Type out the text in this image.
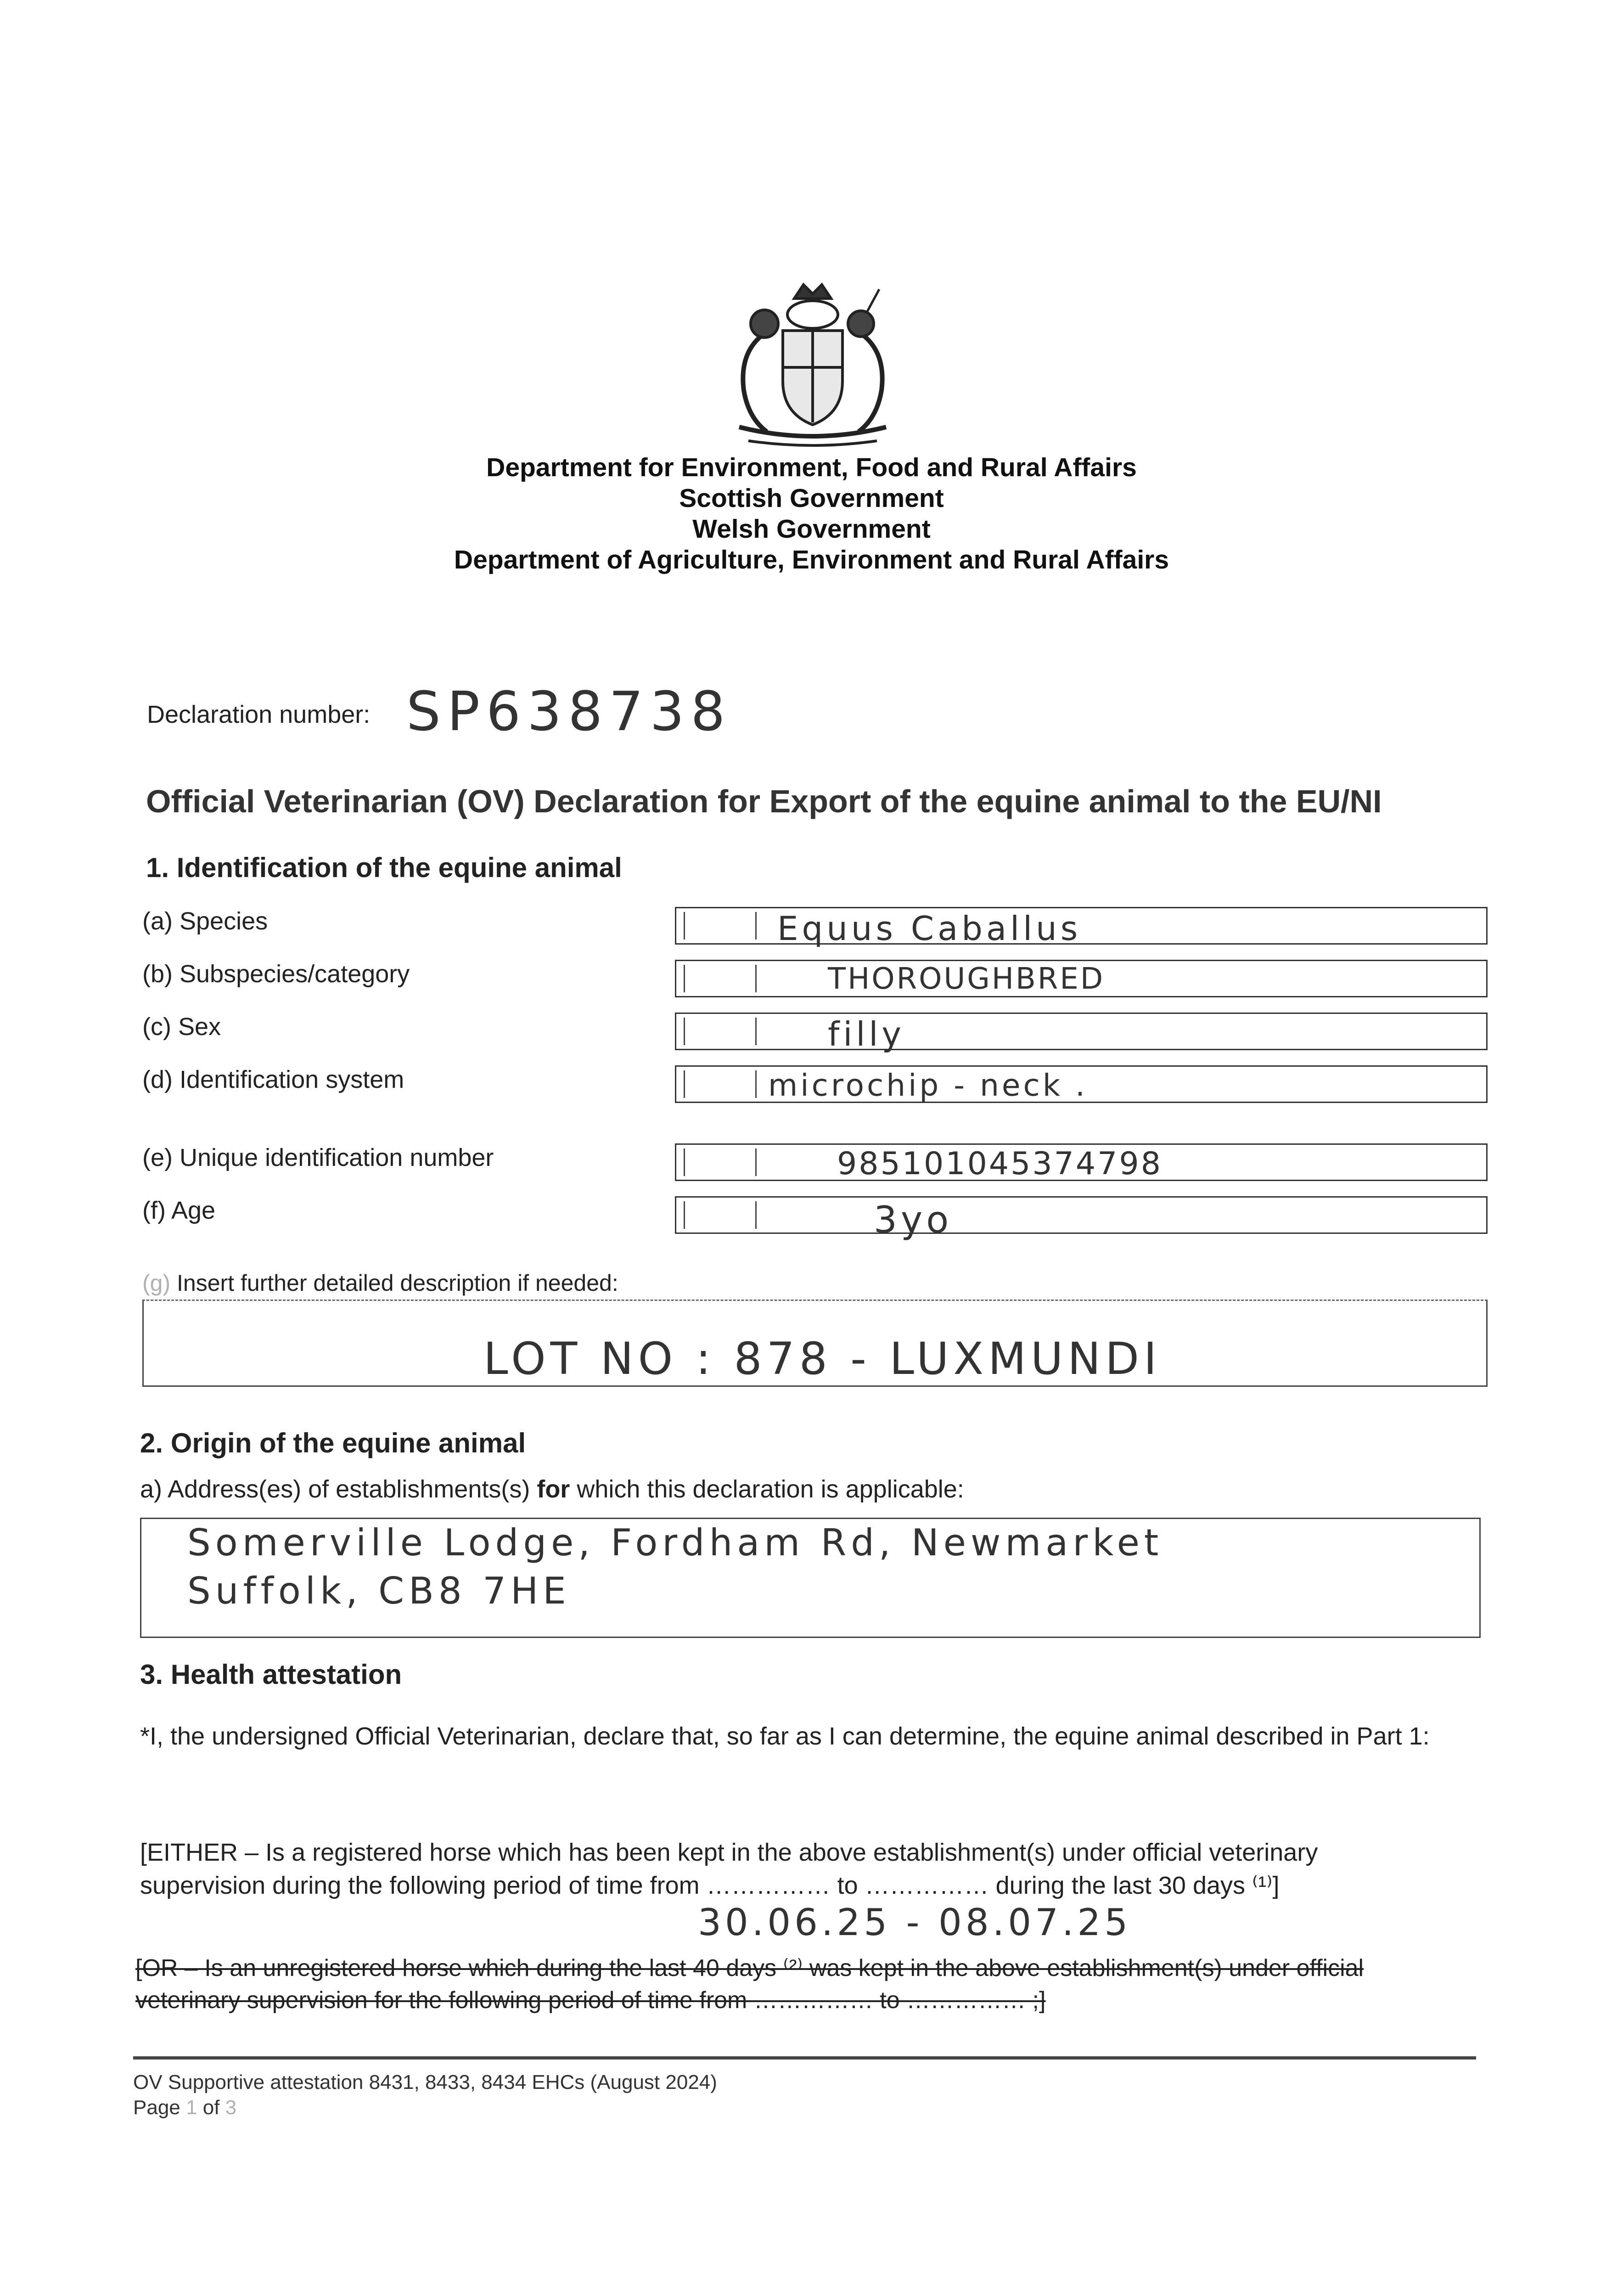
Department for Environment, Food and Rural Affairs
Scottish Government
Welsh Government
Department of Agriculture, Environment and Rural Affairs
Declaration number: SP638738
Official Veterinarian (OV) Declaration for Export of the equine animal to the EU/NI
1. Identification of the equine animal
(a) Species	Equus Caballus
(b) Subspecies/category	THOROUGHBRED
(c) Sex	filly
(d) Identification system	microchip - neck .
(e) Unique identification number	985101045374798
(f) Age	3yo
(g) Insert further detailed description if needed:
LOT NO : 878 - LUXMUNDI
2. Origin of the equine animal
a) Address(es) of establishments(s) for which this declaration is applicable:
Somerville Lodge, Fordham Rd, Newmarket
Suffolk, CB8 7HE
3. Health attestation
*I, the undersigned Official Veterinarian, declare that, so far as I can determine, the equine animal described in Part 1:
[EITHER – Is a registered horse which has been kept in the above establishment(s) under official veterinary
supervision during the following period of time from …………… to …………… during the last 30 days ⁽¹⁾]
30.06.25 - 08.07.25
[OR – Is an unregistered horse which during the last 40 days ⁽²⁾ was kept in the above establishment(s) under official
veterinary supervision for the following period of time from …………… to …………… ;]
OV Supportive attestation 8431, 8433, 8434 EHCs (August 2024)
Page 1 of 3
